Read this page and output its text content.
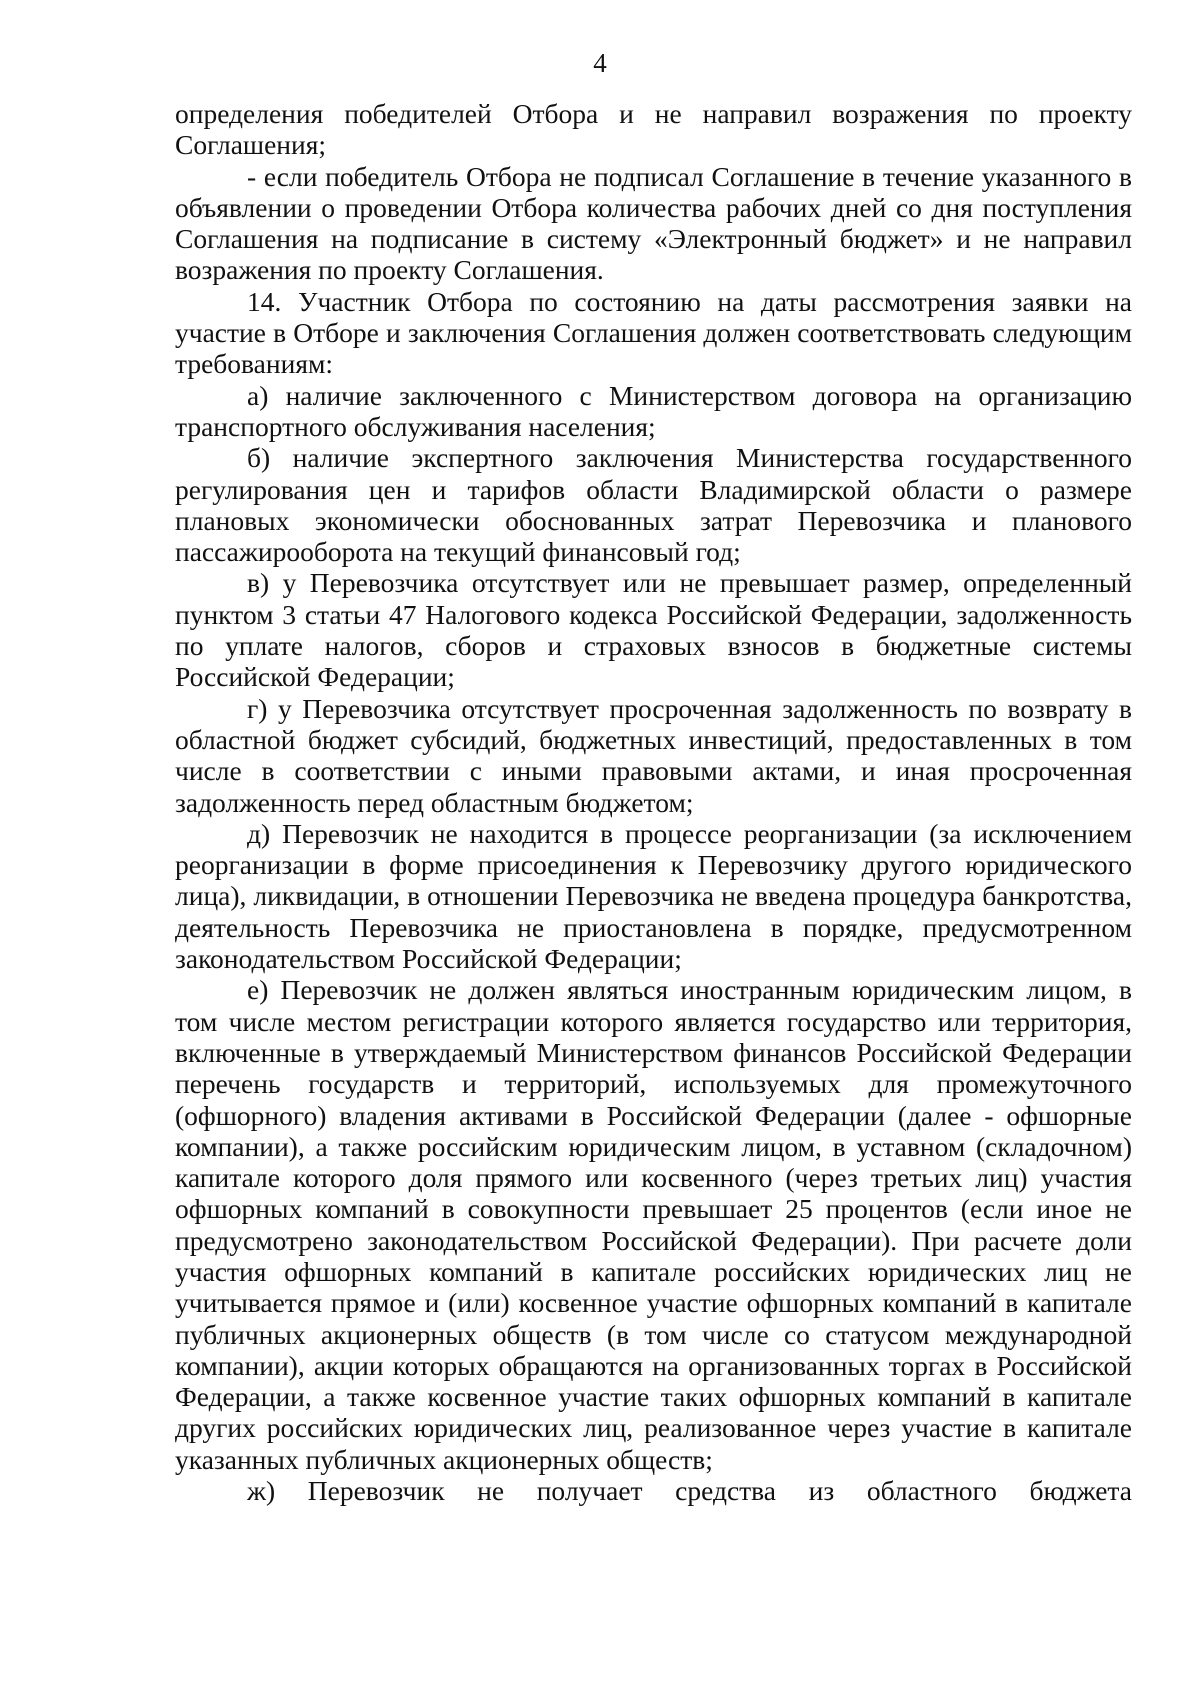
4

определения победителей Отбора и не направил возражения по проекту Соглашения;

- если победитель Отбора не подписал Соглашение в течение указанного в объявлении о проведении Отбора количества рабочих дней со дня поступления Соглашения на подписание в систему «Электронный бюджет» и не направил возражения по проекту Соглашения.

14. Участник Отбора по состоянию на даты рассмотрения заявки на участие в Отборе и заключения Соглашения должен соответствовать следующим требованиям:

а) наличие заключенного с Министерством договора на организацию транспортного обслуживания населения;

б) наличие экспертного заключения Министерства государственного регулирования цен и тарифов области Владимирской области о размере плановых экономически обоснованных затрат Перевозчика и планового пассажирооборота на текущий финансовый год;

в) у Перевозчика отсутствует или не превышает размер, определенный пунктом 3 статьи 47 Налогового кодекса Российской Федерации, задолженность по уплате налогов, сборов и страховых взносов в бюджетные системы Российской Федерации;

г) у Перевозчика отсутствует просроченная задолженность по возврату в областной бюджет субсидий, бюджетных инвестиций, предоставленных в том числе в соответствии с иными правовыми актами, и иная просроченная задолженность перед областным бюджетом;

д) Перевозчик не находится в процессе реорганизации (за исключением реорганизации в форме присоединения к Перевозчику другого юридического лица), ликвидации, в отношении Перевозчика не введена процедура банкротства, деятельность Перевозчика не приостановлена в порядке, предусмотренном законодательством Российской Федерации;

е) Перевозчик не должен являться иностранным юридическим лицом, в том числе местом регистрации которого является государство или территория, включенные в утверждаемый Министерством финансов Российской Федерации перечень государств и территорий, используемых для промежуточного (офшорного) владения активами в Российской Федерации (далее - офшорные компании), а также российским юридическим лицом, в уставном (складочном) капитале которого доля прямого или косвенного (через третьих лиц) участия офшорных компаний в совокупности превышает 25 процентов (если иное не предусмотрено законодательством Российской Федерации). При расчете доли участия офшорных компаний в капитале российских юридических лиц не учитывается прямое и (или) косвенное участие офшорных компаний в капитале публичных акционерных обществ (в том числе со статусом международной компании), акции которых обращаются на организованных торгах в Российской Федерации, а также косвенное участие таких офшорных компаний в капитале других российских юридических лиц, реализованное через участие в капитале указанных публичных акционерных обществ;

ж) Перевозчик не получает средства из областного бюджета
